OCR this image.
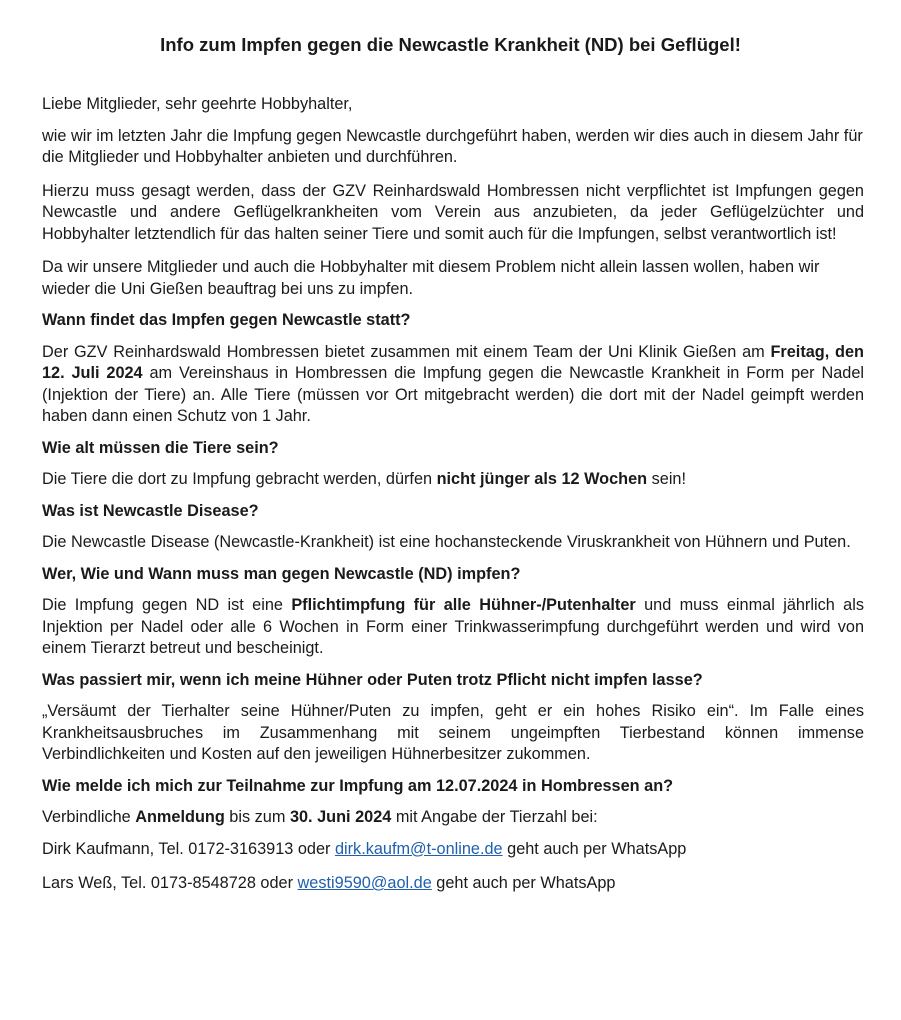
Info zum Impfen gegen die Newcastle Krankheit (ND) bei Geflügel!

Liebe Mitglieder, sehr geehrte Hobbyhalter,

wie wir im letzten Jahr die Impfung gegen Newcastle durchgeführt haben, werden wir dies auch in diesem Jahr für die Mitglieder und Hobbyhalter anbieten und durchführen.

Hierzu muss gesagt werden, dass der GZV Reinhardswald Hombressen nicht verpflichtet ist Impfungen gegen Newcastle und andere Geflügelkrankheiten vom Verein aus anzubieten, da jeder Geflügelzüchter und Hobbyhalter letztendlich für das halten seiner Tiere und somit auch für die Impfungen, selbst verantwortlich ist!

Da wir unsere Mitglieder und auch die Hobbyhalter mit diesem Problem nicht allein lassen wollen, haben wir wieder die Uni Gießen beauftrag bei uns zu impfen.

Wann findet das Impfen gegen Newcastle statt?

Der GZV Reinhardswald Hombressen bietet zusammen mit einem Team der Uni Klinik Gießen am Freitag, den 12. Juli 2024 am Vereinshaus in Hombressen die Impfung gegen die Newcastle Krankheit in Form per Nadel (Injektion der Tiere) an. Alle Tiere (müssen vor Ort mitgebracht werden) die dort mit der Nadel geimpft werden haben dann einen Schutz von 1 Jahr.

Wie alt müssen die Tiere sein?

Die Tiere die dort zu Impfung gebracht werden, dürfen nicht jünger als 12 Wochen sein!

Was ist Newcastle Disease?

Die Newcastle Disease (Newcastle-Krankheit) ist eine hochansteckende Viruskrankheit von Hühnern und Puten.

Wer, Wie und Wann muss man gegen Newcastle (ND) impfen?

Die Impfung gegen ND ist eine Pflichtimpfung für alle Hühner-/Putenhalter und muss einmal jährlich als Injektion per Nadel oder alle 6 Wochen in Form einer Trinkwasserimpfung durchgeführt werden und wird von einem Tierarzt betreut und bescheinigt.

Was passiert mir, wenn ich meine Hühner oder Puten trotz Pflicht nicht impfen lasse?

„Versäumt der Tierhalter seine Hühner/Puten zu impfen, geht er ein hohes Risiko ein“. Im Falle eines Krankheitsausbruches im Zusammenhang mit seinem ungeimpften Tierbestand können immense Verbindlichkeiten und Kosten auf den jeweiligen Hühnerbesitzer zukommen.

Wie melde ich mich zur Teilnahme zur Impfung am 12.07.2024 in Hombressen an?

Verbindliche Anmeldung bis zum 30. Juni 2024 mit Angabe der Tierzahl bei:

Dirk Kaufmann, Tel. 0172-3163913 oder dirk.kaufm@t-online.de geht auch per WhatsApp

Lars Weß, Tel. 0173-8548728 oder westi9590@aol.de geht auch per WhatsApp
